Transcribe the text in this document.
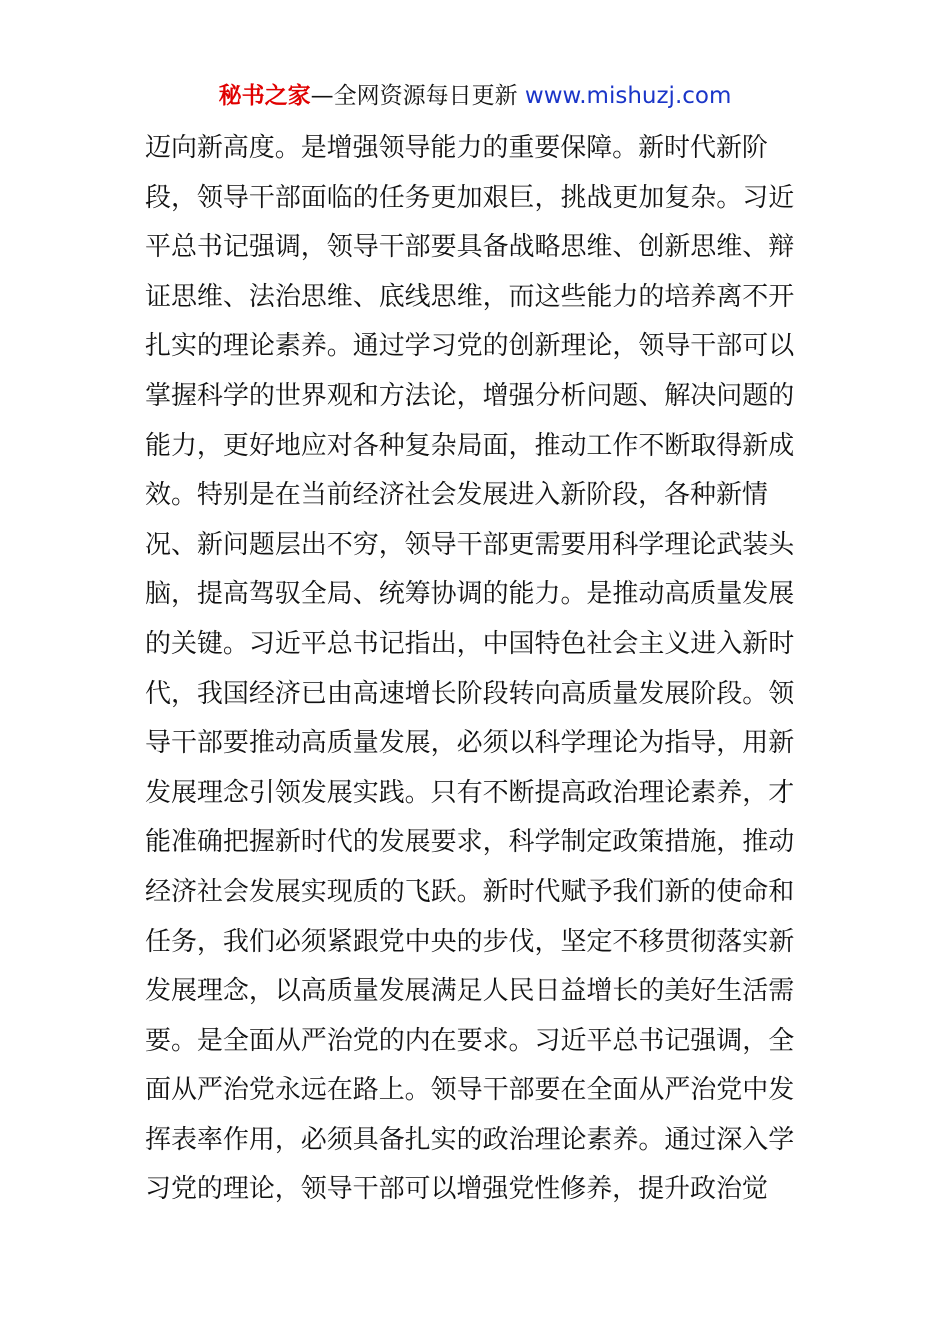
秘书之家—全网资源每日更新 www.mishuzj.com
迈向新高度。是增强领导能力的重要保障。新时代新阶
段，领导干部面临的任务更加艰巨，挑战更加复杂。习近
平总书记强调，领导干部要具备战略思维、创新思维、辩
证思维、法治思维、底线思维，而这些能力的培养离不开
扎实的理论素养。通过学习党的创新理论，领导干部可以
掌握科学的世界观和方法论，增强分析问题、解决问题的
能力，更好地应对各种复杂局面，推动工作不断取得新成
效。特别是在当前经济社会发展进入新阶段，各种新情
况、新问题层出不穷，领导干部更需要用科学理论武装头
脑，提高驾驭全局、统筹协调的能力。是推动高质量发展
的关键。习近平总书记指出，中国特色社会主义进入新时
代，我国经济已由高速增长阶段转向高质量发展阶段。领
导干部要推动高质量发展，必须以科学理论为指导，用新
发展理念引领发展实践。只有不断提高政治理论素养，才
能准确把握新时代的发展要求，科学制定政策措施，推动
经济社会发展实现质的飞跃。新时代赋予我们新的使命和
任务，我们必须紧跟党中央的步伐，坚定不移贯彻落实新
发展理念，以高质量发展满足人民日益增长的美好生活需
要。是全面从严治党的内在要求。习近平总书记强调，全
面从严治党永远在路上。领导干部要在全面从严治党中发
挥表率作用，必须具备扎实的政治理论素养。通过深入学
习党的理论，领导干部可以增强党性修养，提升政治觉
